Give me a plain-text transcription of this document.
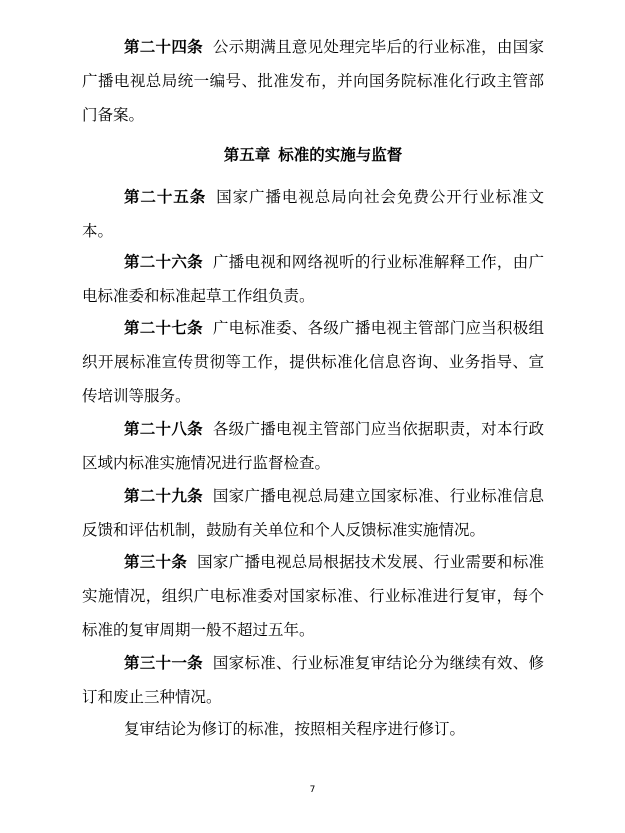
第二十四条 公示期满且意见处理完毕后的行业标准，由国家广播电视总局统一编号、批准发布，并向国务院标准化行政主管部门备案。

第五章 标准的实施与监督

第二十五条 国家广播电视总局向社会免费公开行业标准文本。

第二十六条 广播电视和网络视听的行业标准解释工作，由广电标准委和标准起草工作组负责。

第二十七条 广电标准委、各级广播电视主管部门应当积极组织开展标准宣传贯彻等工作，提供标准化信息咨询、业务指导、宣传培训等服务。

第二十八条 各级广播电视主管部门应当依据职责，对本行政区域内标准实施情况进行监督检查。

第二十九条 国家广播电视总局建立国家标准、行业标准信息反馈和评估机制，鼓励有关单位和个人反馈标准实施情况。

第三十条 国家广播电视总局根据技术发展、行业需要和标准实施情况，组织广电标准委对国家标准、行业标准进行复审，每个标准的复审周期一般不超过五年。

第三十一条 国家标准、行业标准复审结论分为继续有效、修订和废止三种情况。

复审结论为修订的标准，按照相关程序进行修订。

7
